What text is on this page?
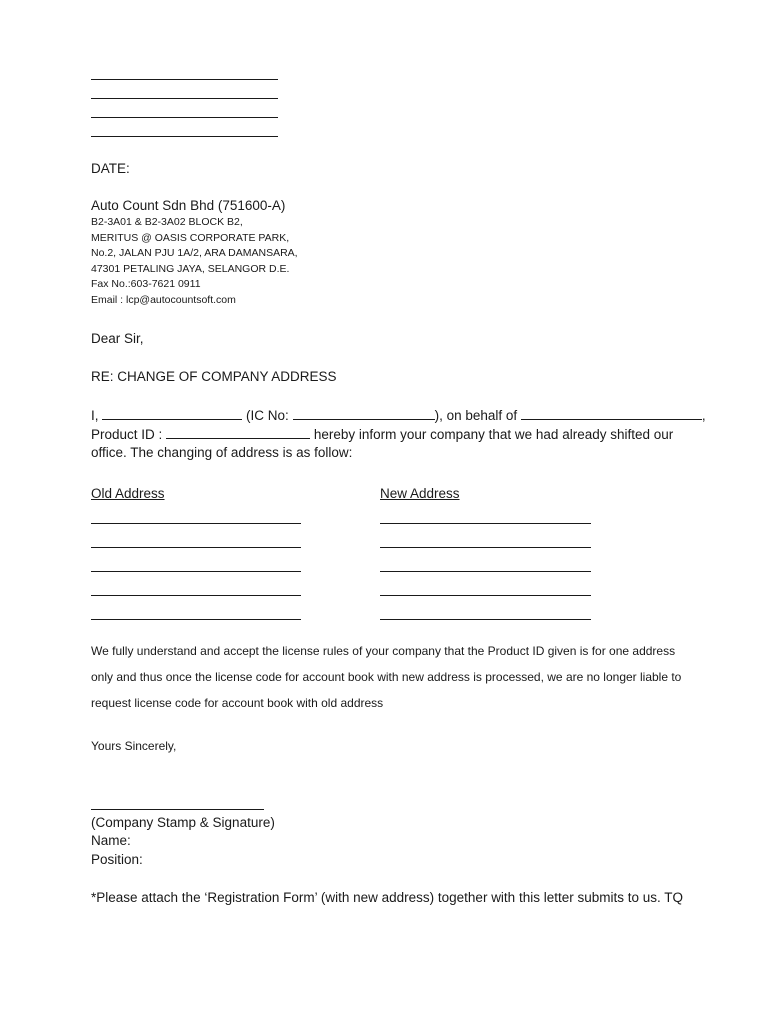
DATE:
Auto Count Sdn Bhd (751600-A)
B2-3A01 & B2-3A02 BLOCK B2,
MERITUS @ OASIS CORPORATE PARK,
No.2, JALAN PJU 1A/2, ARA DAMANSARA,
47301 PETALING JAYA, SELANGOR D.E.
Fax No.:603-7621 0911
Email : lcp@autocountsoft.com
Dear Sir,
RE: CHANGE OF COMPANY ADDRESS
I,	(IC No:	), on behalf of	,
Product ID :	hereby inform your company that we had already shifted our
office. The changing of address is as follow:
Old Address	New Address
We fully understand and accept the license rules of your company that the Product ID given is for one address
only and thus once the license code for account book with new address is processed, we are no longer liable to
request license code for account book with old address
Yours Sincerely,
(Company Stamp & Signature)
Name:
Position:
*Please attach the ‘Registration Form’ (with new address) together with this letter submits to us. TQ
